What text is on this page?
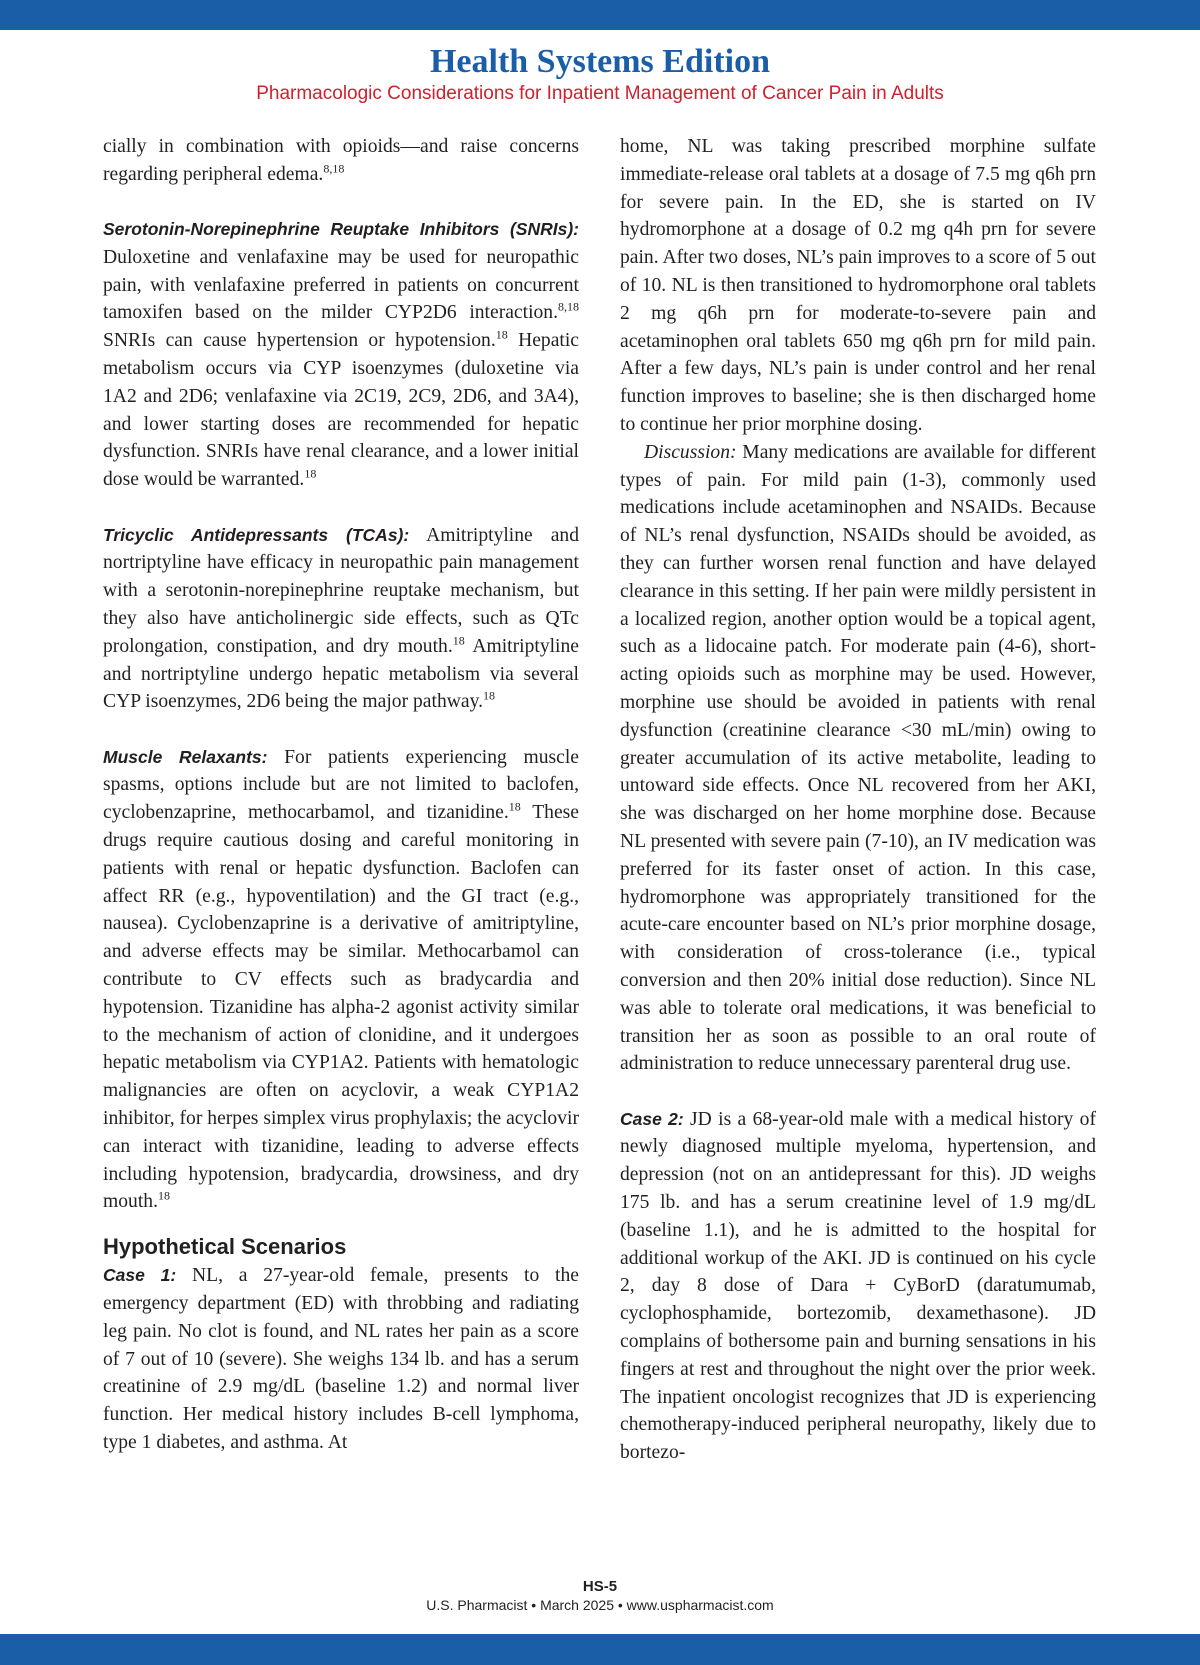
Health Systems Edition
Pharmacologic Considerations for Inpatient Management of Cancer Pain in Adults

cially in combination with opioids—and raise concerns regarding peripheral edema.$^{8,18}$

Serotonin-Norepinephrine Reuptake Inhibitors (SNRIs): Duloxetine and venlafaxine may be used for neuropathic pain, with venlafaxine preferred in patients on concurrent tamoxifen based on the milder CYP2D6 interaction.$^{8,18}$ SNRIs can cause hypertension or hypotension.$^{18}$ Hepatic metabolism occurs via CYP isoenzymes (duloxetine via 1A2 and 2D6; venlafaxine via 2C19, 2C9, 2D6, and 3A4), and lower starting doses are recommended for hepatic dysfunction. SNRIs have renal clearance, and a lower initial dose would be warranted.$^{18}$

Tricyclic Antidepressants (TCAs): Amitriptyline and nortriptyline have efficacy in neuropathic pain management with a serotonin-norepinephrine reuptake mechanism, but they also have anticholinergic side effects, such as QTc prolongation, constipation, and dry mouth.$^{18}$ Amitriptyline and nortriptyline undergo hepatic metabolism via several CYP isoenzymes, 2D6 being the major pathway.$^{18}$

Muscle Relaxants: For patients experiencing muscle spasms, options include but are not limited to baclofen, cyclobenzaprine, methocarbamol, and tizanidine.$^{18}$ These drugs require cautious dosing and careful monitoring in patients with renal or hepatic dysfunction. Baclofen can affect RR (e.g., hypoventilation) and the GI tract (e.g., nausea). Cyclobenzaprine is a derivative of amitriptyline, and adverse effects may be similar. Methocarbamol can contribute to CV effects such as bradycardia and hypotension. Tizanidine has alpha-2 agonist activity similar to the mechanism of action of clonidine, and it undergoes hepatic metabolism via CYP1A2. Patients with hematologic malignancies are often on acyclovir, a weak CYP1A2 inhibitor, for herpes simplex virus prophylaxis; the acyclovir can interact with tizanidine, leading to adverse effects including hypotension, bradycardia, drowsiness, and dry mouth.$^{18}$

Hypothetical Scenarios

Case 1: NL, a 27-year-old female, presents to the emergency department (ED) with throbbing and radiating leg pain. No clot is found, and NL rates her pain as a score of 7 out of 10 (severe). She weighs 134 lb. and has a serum creatinine of 2.9 mg/dL (baseline 1.2) and normal liver function. Her medical history includes B-cell lymphoma, type 1 diabetes, and asthma. At

home, NL was taking prescribed morphine sulfate immediate-release oral tablets at a dosage of 7.5 mg q6h prn for severe pain. In the ED, she is started on IV hydromorphone at a dosage of 0.2 mg q4h prn for severe pain. After two doses, NL’s pain improves to a score of 5 out of 10. NL is then transitioned to hydromorphone oral tablets 2 mg q6h prn for moderate-to-severe pain and acetaminophen oral tablets 650 mg q6h prn for mild pain. After a few days, NL’s pain is under control and her renal function improves to baseline; she is then discharged home to continue her prior morphine dosing.

Discussion: Many medications are available for different types of pain. For mild pain (1-3), commonly used medications include acetaminophen and NSAIDs. Because of NL’s renal dysfunction, NSAIDs should be avoided, as they can further worsen renal function and have delayed clearance in this setting. If her pain were mildly persistent in a localized region, another option would be a topical agent, such as a lidocaine patch. For moderate pain (4-6), short-acting opioids such as morphine may be used. However, morphine use should be avoided in patients with renal dysfunction (creatinine clearance <30 mL/min) owing to greater accumulation of its active metabolite, leading to untoward side effects. Once NL recovered from her AKI, she was discharged on her home morphine dose. Because NL presented with severe pain (7-10), an IV medication was preferred for its faster onset of action. In this case, hydromorphone was appropriately transitioned for the acute-care encounter based on NL’s prior morphine dosage, with consideration of cross-tolerance (i.e., typical conversion and then 20% initial dose reduction). Since NL was able to tolerate oral medications, it was beneficial to transition her as soon as possible to an oral route of administration to reduce unnecessary parenteral drug use.

Case 2: JD is a 68-year-old male with a medical history of newly diagnosed multiple myeloma, hypertension, and depression (not on an antidepressant for this). JD weighs 175 lb. and has a serum creatinine level of 1.9 mg/dL (baseline 1.1), and he is admitted to the hospital for additional workup of the AKI. JD is continued on his cycle 2, day 8 dose of Dara + CyBorD (daratumumab, cyclophosphamide, bortezomib, dexamethasone). JD complains of bothersome pain and burning sensations in his fingers at rest and throughout the night over the prior week. The inpatient oncologist recognizes that JD is experiencing chemotherapy-induced peripheral neuropathy, likely due to bortezo-

HS-5
U.S. Pharmacist • March 2025 • www.uspharmacist.com
